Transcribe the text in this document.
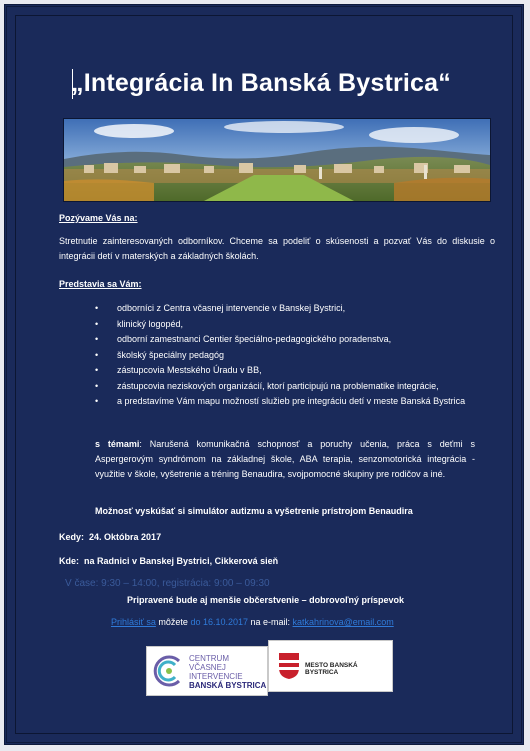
„Integrácia In Banská Bystrica“
Pozývame Vás na:
Stretnutie zainteresovaných odborníkov. Chceme sa podeliť o skúsenosti a pozvať Vás do diskusie o integrácii detí v materských a základných školách.
Predstavia sa Vám:
• odborníci z Centra včasnej intervencie v Banskej Bystrici,
• klinický logopéd,
• odborní zamestnanci Centier špeciálno-pedagogického poradenstva,
• školský špeciálny pedagóg
• zástupcovia Mestského Úradu v BB,
• zástupcovia neziskových organizácií, ktorí participujú na problematike integrácie,
• a predstavíme Vám mapu možností služieb pre integráciu detí v meste Banská Bystrica
s témami: Narušená komunikačná schopnosť a poruchy učenia, práca s deťmi s Aspergerovým syndrómom na základnej škole, ABA terapia, senzomotorická integrácia - využitie v škole, vyšetrenie a tréning Benaudira, svojpomocné skupiny pre rodičov a iné.
Možnosť vyskúšať si simulátor autizmu a vyšetrenie prístrojom Benaudira
Kedy: 24. Októbra 2017
Kde: na Radnici v Banskej Bystrici, Cikkerová sieň
V čase: 9:30 – 14:00, registrácia: 9:00 – 09:30
Pripravené bude aj menšie občerstvenie – dobrovoľný príspevok
Prihlásiť sa môžete do 16.10.2017 na e-mail: katkahrinova@email.com
CENTRUM
VČASNEJ
INTERVENCIE
BANSKÁ BYSTRICA
MESTO BANSKÁ BYSTRICA
